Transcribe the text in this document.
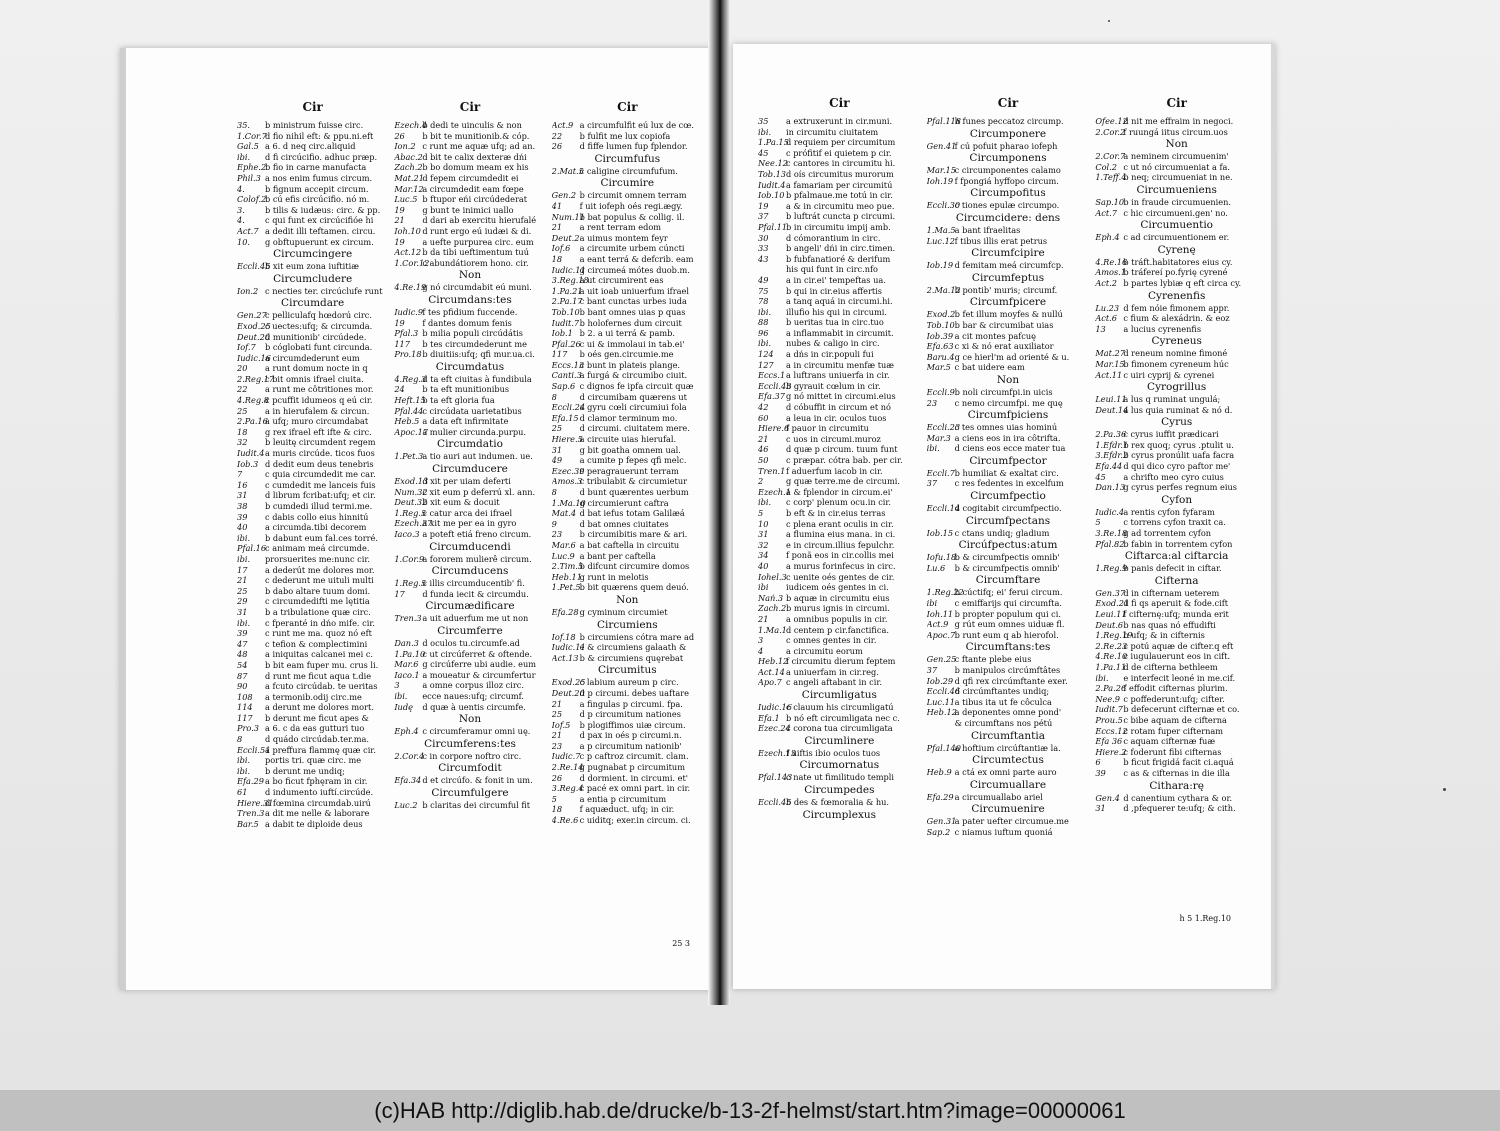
Cir
35. b ministrum fuisse circ.
1.Cor.7d fio nihil eft: & ppu.ni.eft
Gal.5 a 6. d neq circ.aliquid
ibi. d fi circúcifio. adhuc præp.
Ephe.2b fio in carne manufacta
Phil.3 a nos enim fumus circum.
4. b fignum accepit circum.
Colof.2b cú efis circúcifio. nó m.
3. b tilis & iudæus: circ. & pp.
4. c qui funt ex circúcifióe hi
Act.7 a dedit illi teftamen. circu.
10. g obftupuerunt ex circum.
Circumcingere
Eccli.45b xit eum zona iuftitiæ
Circumcludere
Ion.2 c necties ter. circúclufe runt
Circumdare
Gen.27c pelliculafq hœdorú circ.
Exod.25c uectes:ufq; & circumda.
Deut.20d munitionib' circúdede.
Iof.7 b cóglobati funt circunda.
Iudic.16a circumdederunt eum
20 a runt domum nocte in q
2.Reg.17c bit omnis ifrael ciuita.
22 a runt me côtritiones mor.
4.Reg.8c pcuffit idumeos q eú cir.
25 a in hierufalem & circun.
2.Pa.16a ufq; muro circumdabat
18 g rex ifrael eft ifte & circ.
32 b leuitę circumdent regem
Iudit.4a muris circúde. ticos fuos
Iob.3 d dedit eum deus tenebris
7	c quia circumdedit me car.
16 c cumdedit me lanceis fuis
31 d librum fcribat:ufq; et cir.
38 b cumdedi illud termi.me.
39 c dabis collo eius hinnitú
40 a circumda.tibi decorem
ibi. b dabunt eum fal.ces torré.
Pfal.16c animam meá circumde.
ibi. prorsuerites me:nunc cir.
17 a dederút me dolores mor.
21 c dederunt me uituli multi
25 b dabo altare tuum domi.
29 c circumdedifti me lętitia
31 b a tribulatione quæ circ.
ibi. c fperanté in dńo mife. cir.
39 c runt me ma. quoz nó eft
47 c tefion & complectimini
48 a iniquitas calcanei mei c.
54 b bit eam fuper mu. crus li.
87 d runt me ficut aqua t.die
90 a fcuto circúdab. te ueritas
108 a termonib.odij circ.me
114 a derunt me dolores mort.
117 b derunt me ficut apes &
Pro.3 a 6. c da eas gutturi tuo
8	d quádo circúdab.ter.ma.
Eccli.51a preffura flammę quæ cir.
ibi. portis tri. quæ circ. me
ibi. b derunt me undiq;
Efa.29a bo ficut fphęram in cir.
61 d indumento iuftí.circúde.
Hiere.31d fœmina circumdab.uirú
Tren.3a dit me nelle & laborare
Bar.5 a dabit te diploide deus
Cir
Ezech.4b dedi te uinculis & non
26 b bit te munitionib.& cóp.
Ion.2 c runt me aquæ ufq; ad an.
Abac.2d bit te calix dexteræ dńi
Zach.2b bo domum meam ex his
Mat.21d fepem circumdedit ei
Mar.12a circumdedit eam fœpe
Luc.5 b ftupor eńi circúdederat
19 g bunt te inimici uallo
21 d dari ab exercitu hierufalé
Ioh.10 d runt ergo eú iudæi & di.
19 a uefte purpurea circ. eum
Act.12b da tibi ueftimentum tuú
1.Cor.12c abundátiorem hono. cir.
Non
4.Re.19g nó circumdabit eú muni.
Circumdans:tes
Iudic.9f tes pfidium fuccende.
19 f dantes domum fenis
Pfal.3 b milia populi circúdátis
117 b tes circumdederunt me
Pro.18b diuitiis:ufq; qfi mur.ua.ci.
Circumdatus
4.Reg.3d ta eft ciuitas à fundibula
24 b ta eft munitionibus
Heft.15b ta eft gloria fua
Pfal.44c circúdata uarietatibus
Heb.5 a data eft infirmitate
Apoc.17a mulier circunda.purpu.
Circumdatio
1.Pet.3a tio auri aut indumen. ue.
Circumducere
Exod.13d xit per uiam deferti
Num.32c xit eum p deferrú xl. ann.
Deut.32b xit eum & docuit
1.Reg.5c catur arca dei ifrael
Ezech.37a xit me per ea in gyro
Iaco.3 a poteft etiá freno circum.
Circumducendi
1.Cor.9a fororem mulierê circum.
Circumducens
1.Reg.5c illis circumducentib' fi.
17 d funda iecit & circumdu.
Circumædificare
Tren.3a uit aduerfum me ut non
Circumferre
Dan.3 d oculos tu.circumfe.ad
1.Pa.10c ut circúferret & oftende.
Mar.6 g circúferre ubi audie. eum
Iaco.1 a moueatur & circumfertur
3	a omne corpus illoz circ.
ibi. ecce naues:ufq; circumf.
Iudę d quæ à uentis circumfe.
Non
Eph.4 c circumferamur omni uę.
Circumferens:tes
2.Cor.4c in corpore noftro circ.
Circumfodit
Efa.34d et circúfo. & fonit in um.
Circumfulgere
Luc.2 b claritas dei circumful fit
Cir
Act.9 a circumfulfit eú lux de cœ.
22 b fulfit me lux copiofa
26 d fiffe lumen fup fplendor.
Circumfufus
2.Mat.5c caligine circumfufum.
Circumire
Gen.2 b circumit omnem terram
41 f uit iofeph oés regi.ægy.
Num.11b bat populus & collig. il.
21 a rent terram edom
Deut.2a uimus montem feyr
Iof.6 a circumite urbem cúncti
18 a eant terrá & defcrib. eam
Iudic.11g circumeá mótes duob.m.
3.Reg.18a ut circumirent eas
1.Pa.21a uit ioab uniuerfum ifrael
2.Pa.17c bant cunctas urbes iuda
Tob.10b bant omnes uias p quas
Iudit.7b holofernes dum circuit
Iob.1 b 2. a ui terrá & pamb.
Pfal.26c ui & immolaui in tab.ei'
117 b oés gen.circumie.me
Eccs.13c bunt in plateis plange.
Canti.3a furgá & circumibo ciuit.
Sap.6 c dignos fe ipfa circuit quæ
8	d circumibam quærens ut
Eccli.24a gyru cœli circumiui fola
Efa.15d clamor terminum mo.
25 d circumi. ciuitatem mere.
Hiere.5a circuite uias hierufal.
31 g bit goatha omnem ual.
49 a cumite p fepes qfi melc.
Ezec.39c peragrauerunt terram
Amos.3c tribulabit & circumietur
8	d bunt quærentes uerbum
1.Ma.10g circumierunt caftra
Mat.4 d bat iefus totam Galilæá
9	d bat omnes ciuitates
23 b circumibitis mare & ari.
Mar.6 a bat caftella in circuitu
Luc.9 a bant per caftella
2.Tim.5b difcunt circumire domos
Heb.11g runt in melotis
1.Pet.5b bit quærens quem deuó.
Non
Efa.28g cyminum circumiet
Circumiens
Iof.18 b circumiens cótra mare ad
Iudic.11e & circumiens galaath &
Act.13b & circumiens quęrebat
Circumitus
Exod.25c labium aureum p circ.
Deut.20d p circumi. debes uaftare
21 a fingulas p circumi. fpa.
25 d p circumitum nationes
Iof.5 b plogiffimos uiæ circum.
21 d pax in oés p circumi.n.
23 a p circumitum nationib'
Iudic.7c p caftroz circumit. clam.
2.Re.14g pugnabat p circumitum
26 d dormient. in circumi. et'
3.Reg.4c pacé ex omni part. in cir.
5	a entia p circumitum
18 f aquæduct. ufq; in cir.
4.Re.6c uiditq; exer.in circum. ci.
25 3
Cir
35 a extruxerunt in cir.muni.
ibi. in circumitu ciuitatem
1.Pa.15d requiem per circumitum
45 c prófitif ei quietem p cir.
Nee.12c cantores in circumitu hi.
Tob.13d oís circumitus murorum
Iudit.4a famariam per circumitú
Iob.10 b pfalmaue.me totú in cir.
19 a & in circumitu meo pue.
37 b luftrát cuncta p circumi.
Pfal.11b in circumitu impij amb.
30 d cómorantium in circ.
33 b angeli' dńi in circ.timen.
43 b fubfanatioré & derifum
his qui funt in circ.nfo
49 a in cir.ei' tempeftas ua.
75 b qui in cir.eius affertis
78 a tanq aquá in circumi.hi.
ibi. illufio his qui in circumi.
88 b ueritas tua in circ.tuo
96 a inflammabit in circumit.
ibi. nubes & caligo in circ.
124 a dńs in cir.populi fui
127 a in circumitu menfæ tuæ
Eccs.1a luftrans uniuerfa in cir.
Eccli.43b gyrauit cœlum in cir.
Efa.37g nó mittet in circumi.eius
42 d cóbuffit in circum et nó
60 a leua in cir. oculos tuos
Hiere.6f pauor in circumitu
21 c uos in circumi.muroz
46 d quæ p circum. tuum funt
50 c præpar. cótra bab. per cir.
Tren.1f aduerfum iacob in cir.
2	g quæ terre.me de circumi.
Ezech.1a & fplendor in circum.ei'
ibi. c corp' plenum ocu.in cir.
5	b eft & in cir.eius terras
10 c plena erant oculis in cir.
31 a flumina eius mana. in ci.
32 e in circum.illius fepulchr.
34 f ponã eos in cir.collis mei
40 a murus forinfecus in circ.
Iohel.3c uenite oés gentes de cir.
ibi iudicem oés gentes in ci.
Nań.3 b aquæ in circumitu eius
Zach.2b murus ignis in circumi.
21 a omnibus populis in cir.
1.Ma.1d centem p cir.fanctifica.
3	c omnes gentes in cir.
4	a circumitu eorum
Heb.12f circumitu dierum feptem
Act.14a uniuerfam in cir.reg.
Apo.7 c angeli aftabant in cir.
Circumligatus
Iudic.16c clauum his circumligatú
Efa.1 b nó eft circumligata nec c.
Ezec.24c corona tua circumligata
Circumlinere
Ezech.13f uiftis ibio oculos tuos
Circumornatus
Pfal.143c nate ut fimilitudo templi
Circumpedes
Eccli.45b des & fœmoralia & hu.
Circumplexus
Cir
Pfal.118h funes peccatoz circump.
Circumponere
Gen.41f cú pofuit pharao iofeph
Circumponens
Mar.15c circumponentes calamo
Ioh.19 f fpongiá hyffopo circum.
Circumpofitus
Eccli.30c tiones epulæ circumpo.
Circumcidere: dens
1.Ma.5a bant ifraelitas
Luc.12f tibus illis erat petrus
Circumfcipire
Iob.19 d femitam meá circumfcp.
Circumfeptus
2.Ma.12b pontib' muris; circumf.
Circumfpicere
Exod.2b fet illum moyfes & nullú
Tob.10b bar & circumibat uias
Iob.39 a cit montes pafcuę
Efa.63c xi & nó erat auxiliator
Baru.4g ce hierl'm ad orienté & u.
Mar.5 c bat uidere eam
Non
Eccli.9b noli circumfpi.in uicis
23 c nemo circumfpi. me quę
Circumfpiciens
Eccli.23c tes omnes uias hominú
Mar.3 a ciens eos in ira côtrifta.
ibi. d ciens eos ecce mater tua
Circumfpector
Eccli.7b humiliat & exaltat circ.
37 c res fedentes in excelfum
Circumfpectio
Eccli.14d cogitabit circumfpectio.
Circumfpectans
Iob.15 c ctans undiq; gladium
Circúfpectus:atum
Iofu.18b & circumfpectis omnib'
Lu.6 b & circumfpectis omnib'
Circumftare
1.Reg.22b cúctifq; ei' ferui circum.
ibi c emiffarijs qui circumfta.
Ioh.11 b propter populum qui ci.
Act.9 g rút eum omnes uiduæ fl.
Apoc.7b runt eum q ab hierofol.
Circumftans:tes
Gen.25c ftante plebe eius
37 b manipulos circúmftâtes
Iob.29 d qfi rex circúmftante exer.
Eccli.46d circúmftantes undiq;
Luc.11a tibus ita ut fe côculca
Heb.12a deponentes omne pond'
& circumftans nos pétú
Circumftantia
Pfal.140a hoftium circúftantiæ la.
Circumtectus
Heb.9 a ctá ex omni parte auro
Circumuallare
Efa.29a circumuallabo ariel
Circumuenire
Gen.31a pater uefter circumue.me
Sap.2 c niamus iuftum quoniá
Cir
Ofee.12d nit me effraim in negoci.
2.Cor.2f ruungá iitus circum.uos
Non
2.Cor.7a neminem circumuenim'
Col.2 c ut nó circumueniat a fa.
1.Teff.4b neq; circumueniat in ne.
Circumueniens
Sap.10b in fraude circumuenien.
Act.7 c hic circumueni.gen' no.
Circumuentio
Eph.4 c ad circumuentionem er.
Cyrenę
4.Re.16b tráft.habitatores eius cy.
Amos.1b tráfereí po.fyrię cyrené
Act.2 b partes lybiæ q eft circa cy.
Cyrenenfis
Lu.23 d fem nóie fimonem appr.
Act.6 c fium & alexádrin. & eoz
13 a lucius cyrenenfis
Cyreneus
Mat.27d reneum nomine fimoné
Mar.15b fimonem cyreneum húc
Act.11c uiri cyprij & cyrenei
Cyrogrillus
Leui.11a lus q ruminat ungulá;
Deut.14a lus quia ruminat & nó d.
Cyrus
2.Pa.36c cyrus iuffit prædicari
1.Efdr.1b rex quoq; cyrus .ptulit u.
3.Efdr.2b cyrus pronúlit uafa facra
Efa.44d qui dico cyro paftor me'
45 a chrifto meo cyro cuius
Dan.13g cyrus perfes regnum eius
Cyfon
Iudic.4a rentis cyfon fyfaram
5	c torrens cyfon traxit ca.
3.Re.18g ad torrentem cyfon
Pfal.82b fabin in torrentem cyfon
Ciftarca:al ciftarcia
1.Reg.9b panis defecit in ciftar.
Cifterna
Gen.37d in cifternam ueterem
Exod.21d fi qs aperuit & fode.cift
Leui.11f cifternę:ufq; munda erit
Deut.6b nas quas nó effudifti
1.Reg.19b ufq; & in cifternis
2.Re.23c potú aquæ de cifter.q eft
4.Re.10c iugulauerunt eos in cift.
1.Pa.11d de cifterna bethleem
ibi. e interfecit leoné in me.cif.
2.Pa.26f effodit cifternas plurim.
Nee.9 c poffederunt:ufq; cifter.
Iudit.7b defecerunt cifternæ et co.
Prou.5c bibe aquam de cifterna
Eccs.12c rotam fuper cifternam
Efa 36c aquam cifternæ fuæ
Hiere.2c foderunt fibi cifternas
6	b ficut frigidá facit ci.aquá
39 c as & cifternas in die illa
Cithara:rę
Gen.4 d canentium cythara & or.
31 d ,pfequerer te:ufq; & cith.
h 5 1.Reg.10
(c)HAB http://diglib.hab.de/drucke/b-13-2f-helmst/start.htm?image=00000061
